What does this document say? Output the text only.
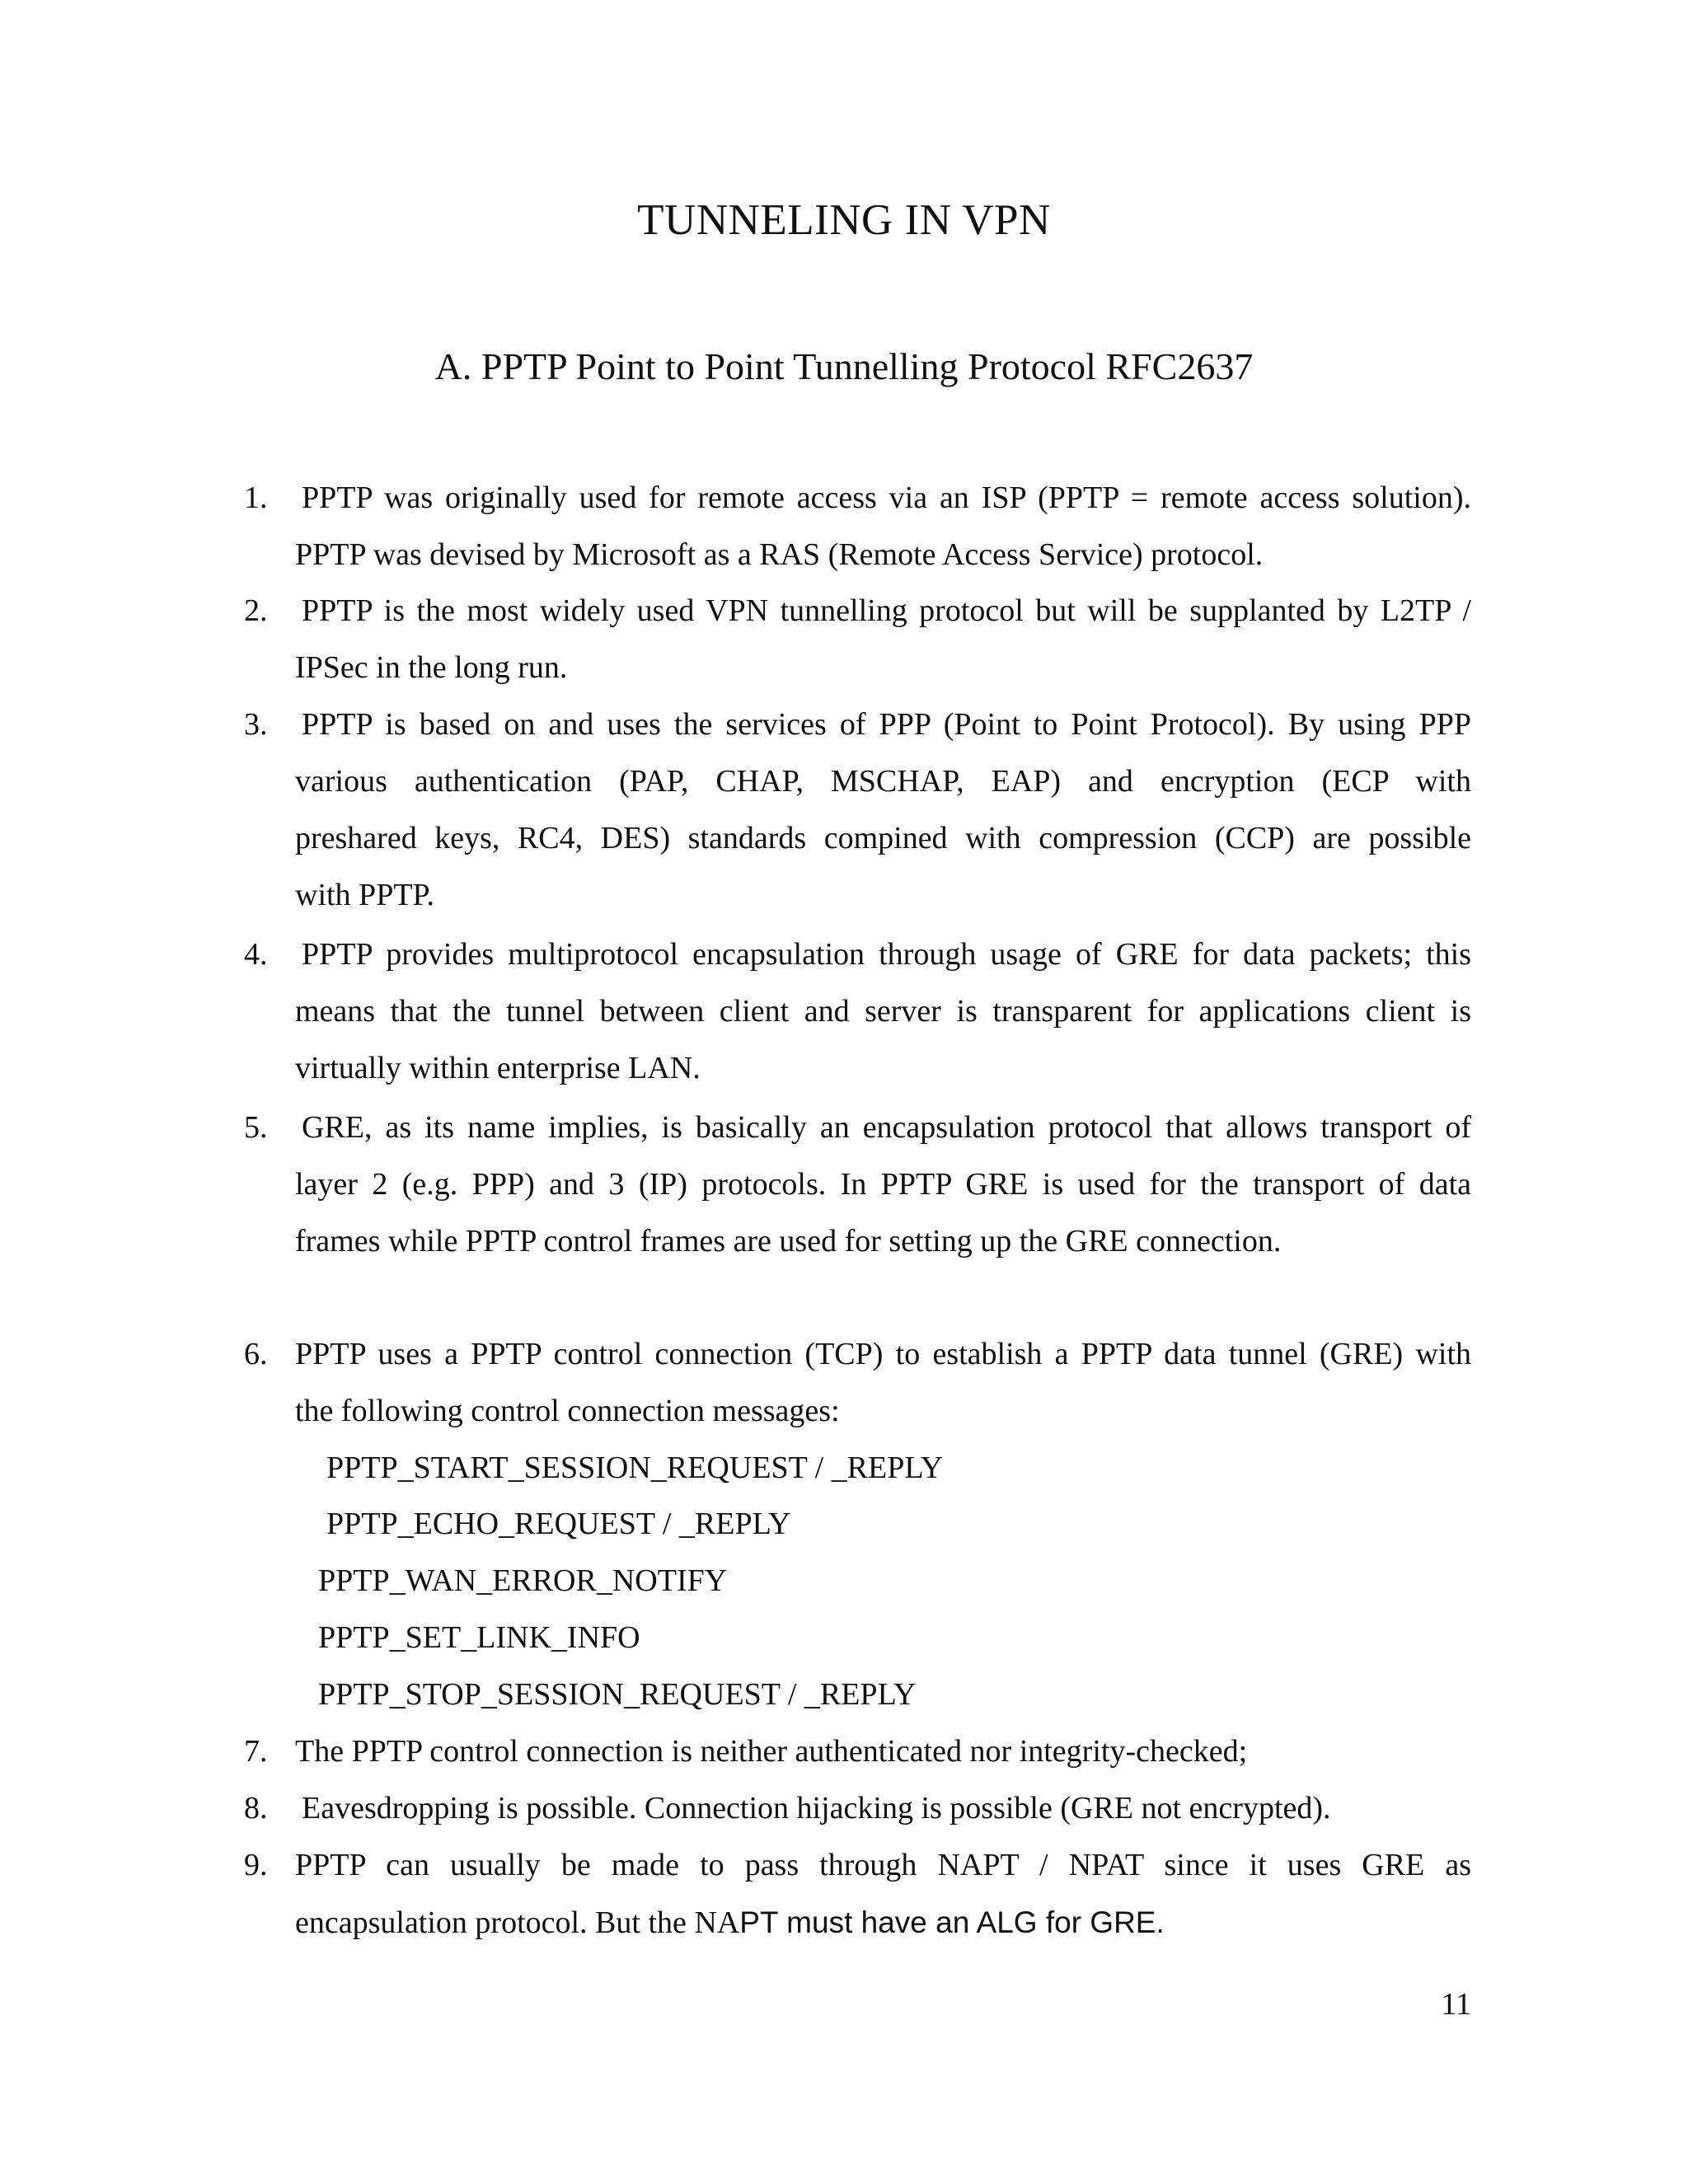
TUNNELING IN VPN
A. PPTP Point to Point Tunnelling Protocol RFC2637
1.	PPTP was originally used for remote access via an ISP (PPTP = remote access solution).
PPTP was devised by Microsoft as a RAS (Remote Access Service) protocol.
2.	PPTP is the most widely used VPN tunnelling protocol but will be supplanted by L2TP /
IPSec in the long run.
3.	PPTP is based on and uses the services of PPP (Point to Point Protocol). By using PPP
various authentication (PAP, CHAP, MSCHAP, EAP) and encryption (ECP with
preshared keys, RC4, DES) standards compined with compression (CCP) are possible
with PPTP.
4.	PPTP provides multiprotocol encapsulation through usage of GRE for data packets; this
means that the tunnel between client and server is transparent for applications client is
virtually within enterprise LAN.
5.	GRE, as its name implies, is basically an encapsulation protocol that allows transport of
layer 2 (e.g. PPP) and 3 (IP) protocols. In PPTP GRE is used for the transport of data
frames while PPTP control frames are used for setting up the GRE connection.
6. PPTP uses a PPTP control connection (TCP) to establish a PPTP data tunnel (GRE) with
the following control connection messages:
PPTP_START_SESSION_REQUEST / _REPLY
PPTP_ECHO_REQUEST / _REPLY
PPTP_WAN_ERROR_NOTIFY
PPTP_SET_LINK_INFO
PPTP_STOP_SESSION_REQUEST / _REPLY
7. The PPTP control connection is neither authenticated nor integrity-checked;
8.	Eavesdropping is possible. Connection hijacking is possible (GRE not encrypted).
9. PPTP can usually be made to pass through NAPT / NPAT since it uses GRE as
encapsulation protocol. But the NAPT must have an ALG for GRE.
11
